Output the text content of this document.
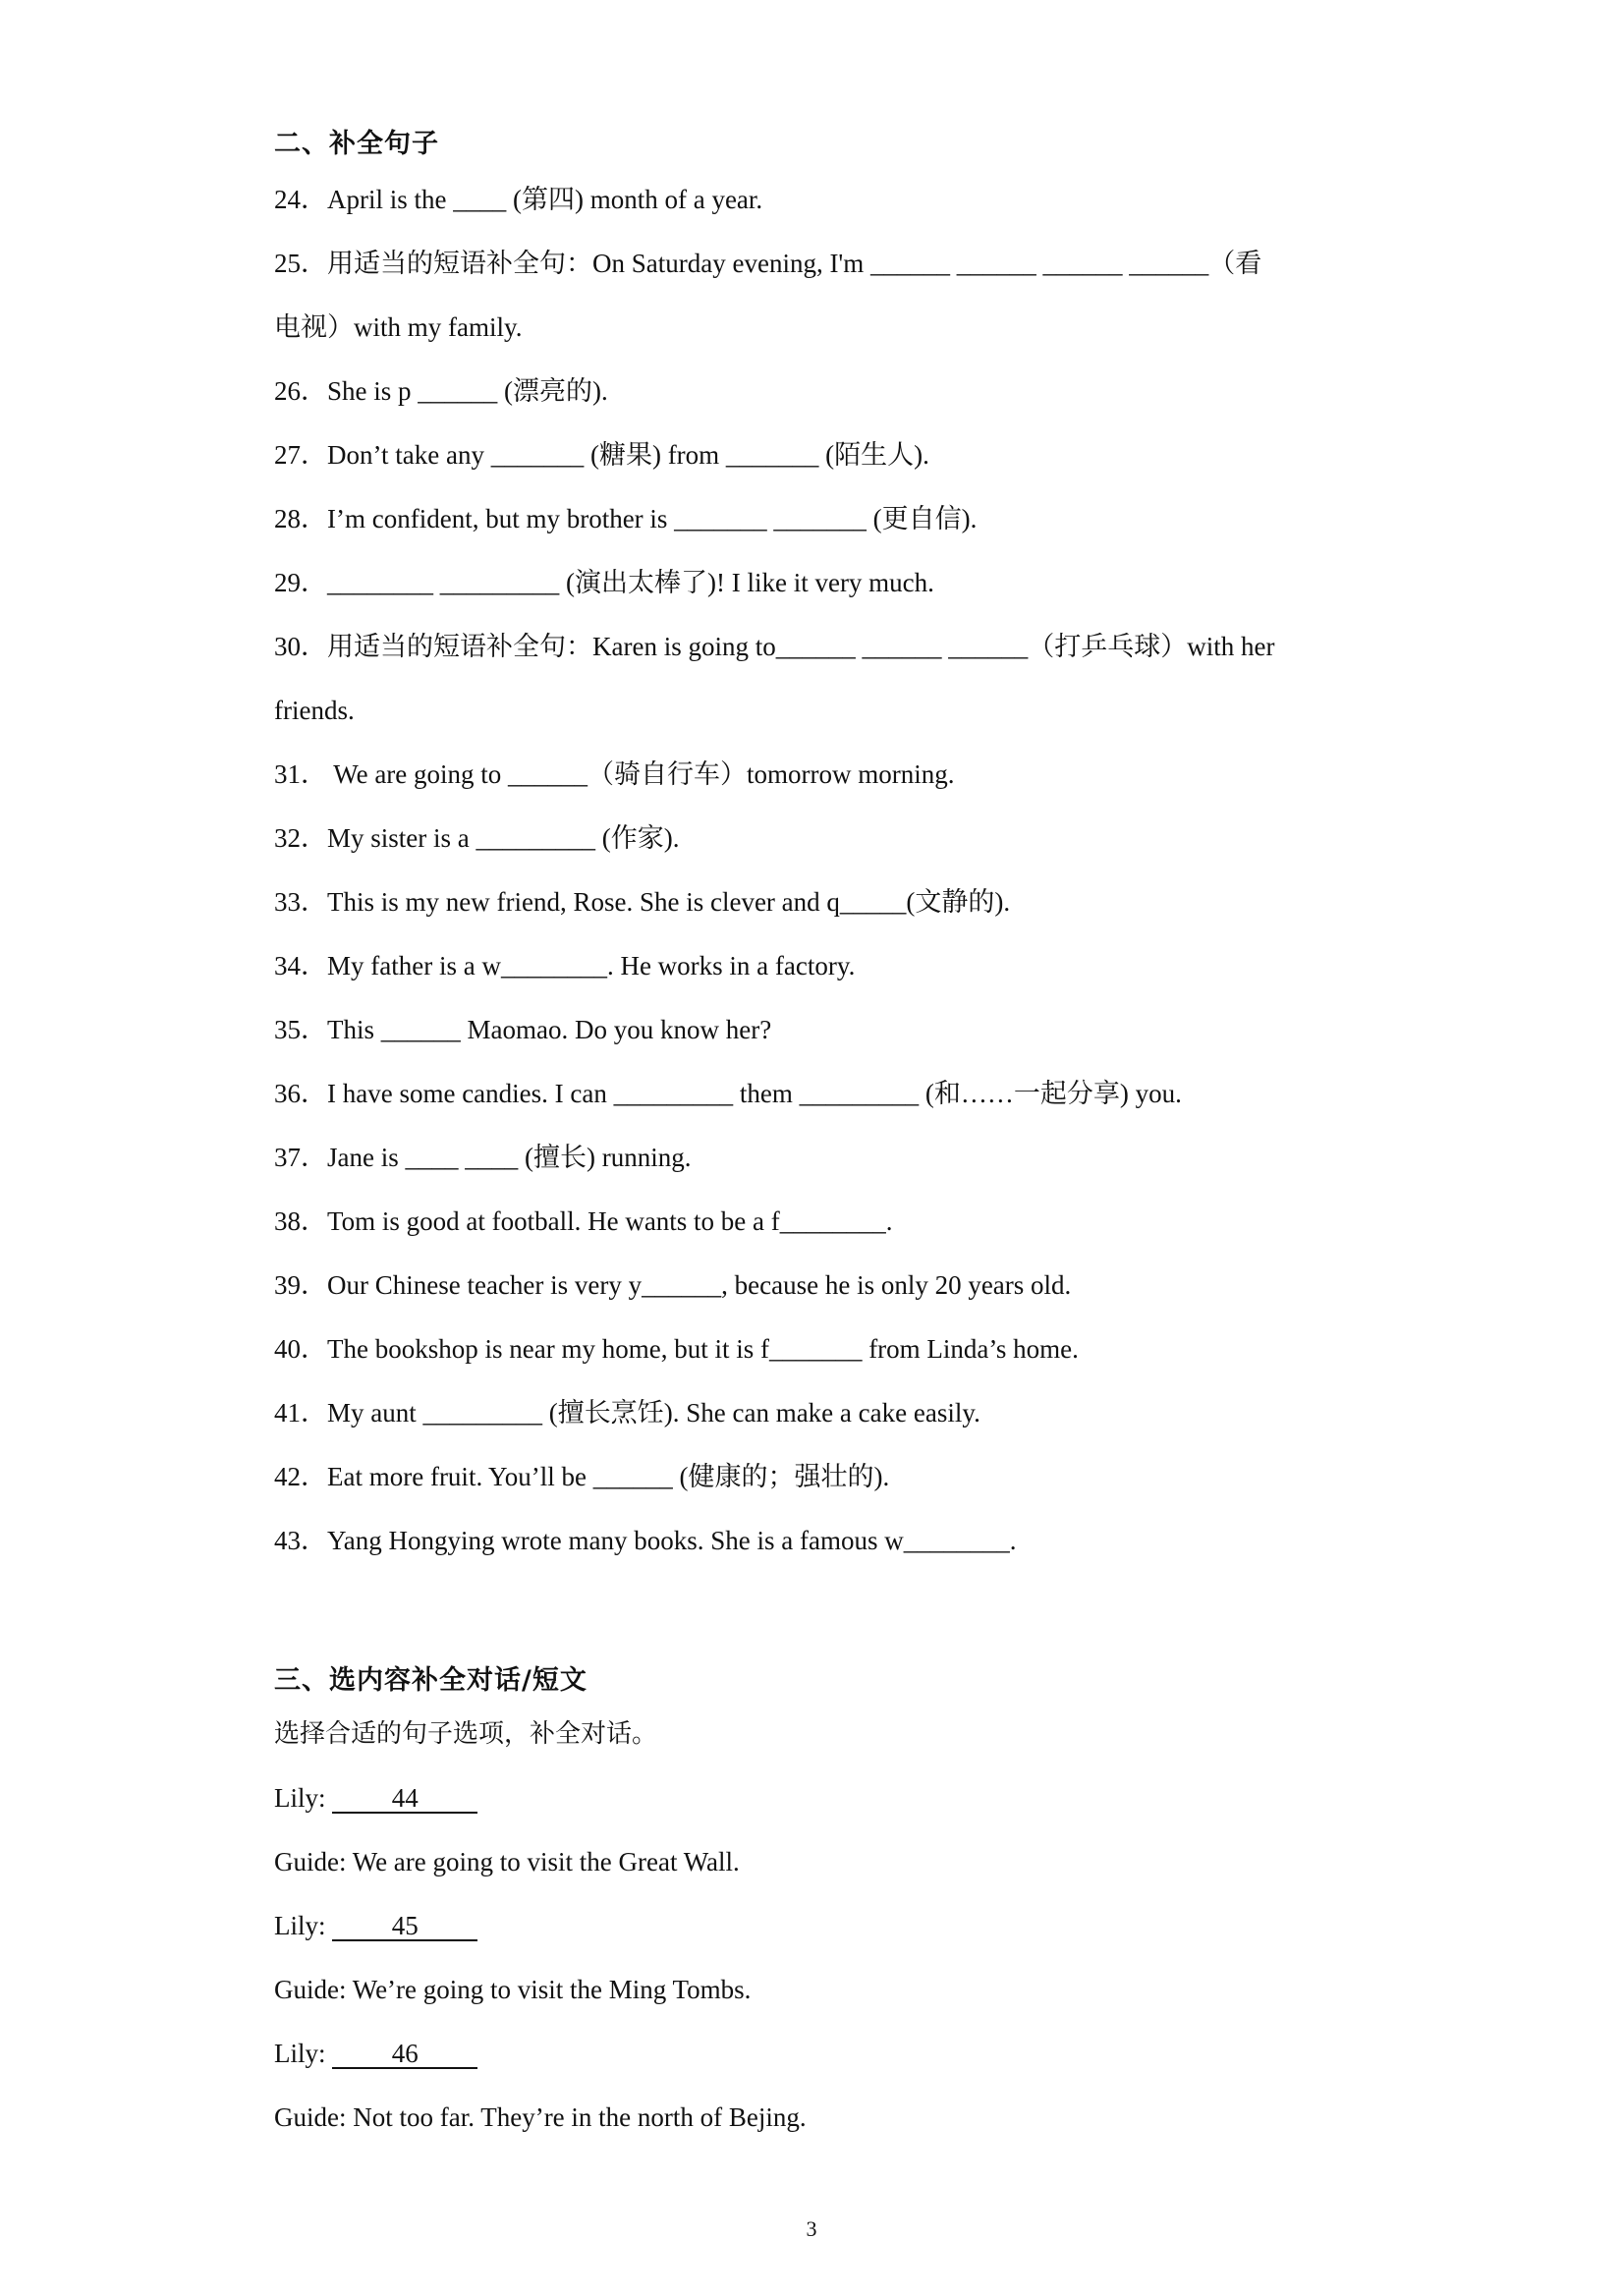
二、补全句子
24．April is the ____ (第四) month of a year.
25．用适当的短语补全句：On Saturday evening, I'm ______ ______ ______ ______（看
电视）with my family.
26．She is p ______ (漂亮的).
27．Don’t take any _______ (糖果) from _______ (陌生人).
28．I’m confident, but my brother is _______ _______ (更自信).
29．________ _________ (演出太棒了)! I like it very much.
30．用适当的短语补全句：Karen is going to______ ______ ______（打乒乓球）with her
friends.
31． We are going to ______（骑自行车）tomorrow morning.
32．My sister is a _________ (作家).
33．This is my new friend, Rose. She is clever and q_____(文静的).
34．My father is a w________. He works in a factory.
35．This ______ Maomao. Do you know her?
36．I have some candies. I can _________ them _________ (和……一起分享) you.
37．Jane is ____ ____ (擅长) running.
38．Tom is good at football. He wants to be a f________.
39．Our Chinese teacher is very y______, because he is only 20 years old.
40．The bookshop is near my home, but it is f_______ from Linda’s home.
41．My aunt _________ (擅长烹饪). She can make a cake easily.
42．Eat more fruit. You’ll be ______ (健康的；强壮的).
43．Yang Hongying wrote many books. She is a famous w________.
三、选内容补全对话/短文
选择合适的句子选项，补全对话。
Lily: 44
Guide: We are going to visit the Great Wall.
Lily: 45
Guide: We’re going to visit the Ming Tombs.
Lily: 46
Guide: Not too far. They’re in the north of Bejing.
3
